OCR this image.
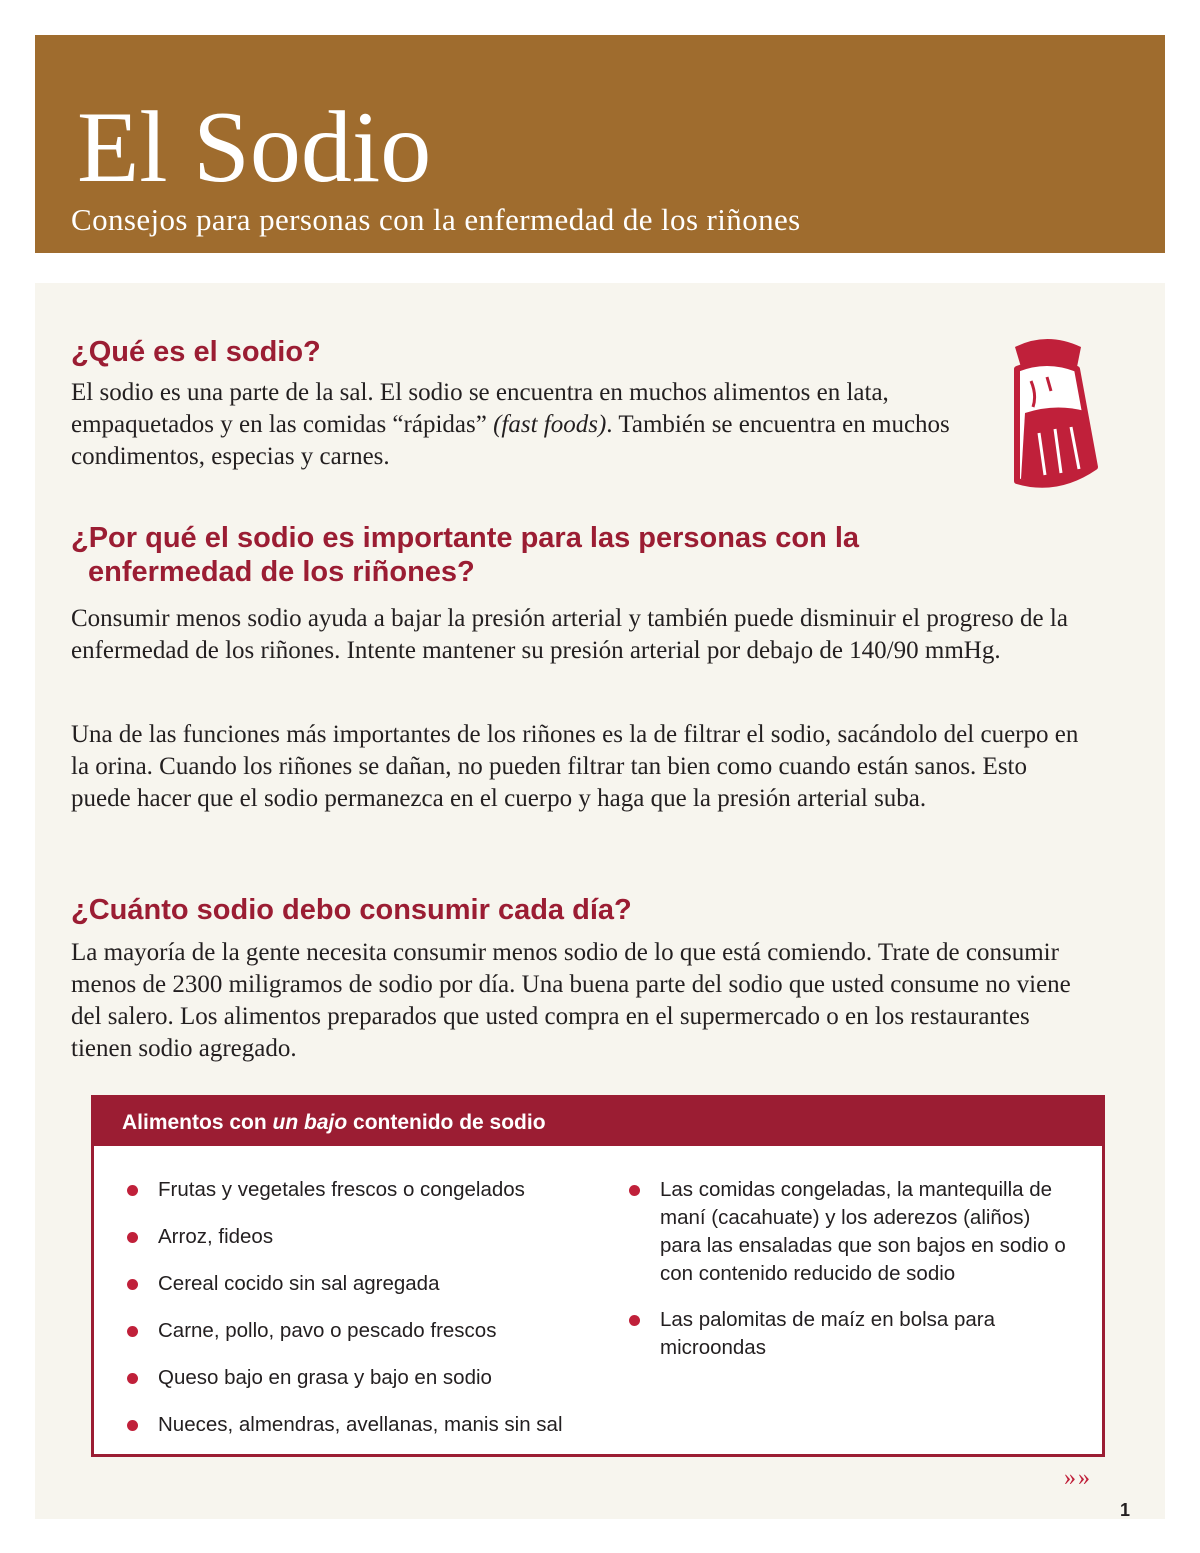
El Sodio

Consejos para personas con la enfermedad de los riñones

¿Qué es el sodio?

El sodio es una parte de la sal. El sodio se encuentra en muchos alimentos en lata, empaquetados y en las comidas “rápidas” (fast foods). También se encuentra en muchos condimentos, especias y carnes.

¿Por qué el sodio es importante para las personas con la
enfermedad de los riñones?

Consumir menos sodio ayuda a bajar la presión arterial y también puede disminuir el progreso de la enfermedad de los riñones. Intente mantener su presión arterial por debajo de 140/90 mmHg.

Una de las funciones más importantes de los riñones es la de filtrar el sodio, sacándolo del cuerpo en la orina. Cuando los riñones se dañan, no pueden filtrar tan bien como cuando están sanos. Esto puede hacer que el sodio permanezca en el cuerpo y haga que la presión arterial suba.

¿Cuánto sodio debo consumir cada día?

La mayoría de la gente necesita consumir menos sodio de lo que está comiendo. Trate de consumir menos de 2300 miligramos de sodio por día. Una buena parte del sodio que usted consume no viene del salero. Los alimentos preparados que usted compra en el supermercado o en los restaurantes tienen sodio agregado.

Alimentos con un bajo contenido de sodio
Frutas y vegetales frescos o congelados
Arroz, fideos
Cereal cocido sin sal agregada
Carne, pollo, pavo o pescado frescos
Queso bajo en grasa y bajo en sodio
Nueces, almendras, avellanas, manis sin sal
Las comidas congeladas, la mantequilla de maní (cacahuate) y los aderezos (aliños) para las ensaladas que son bajos en sodio o con contenido reducido de sodio
Las palomitas de maíz en bolsa para microondas
»»
1
